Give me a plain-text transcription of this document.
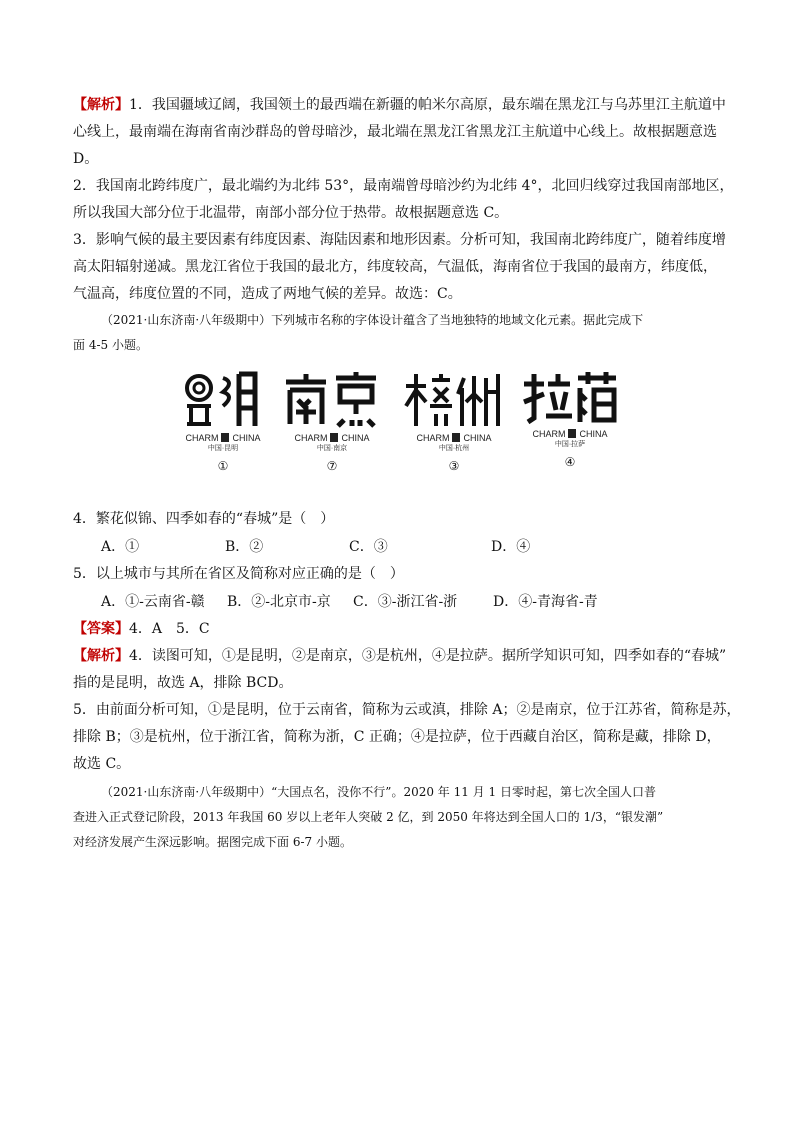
【解析】1．我国疆域辽阔，我国领土的最西端在新疆的帕米尔高原，最东端在黑龙江与乌苏里江主航道中
心线上，最南端在海南省南沙群岛的曾母暗沙，最北端在黑龙江省黑龙江主航道中心线上。故根据题意选
D。
2．我国南北跨纬度广，最北端约为北纬 53°，最南端曾母暗沙约为北纬 4°，北回归线穿过我国南部地区，
所以我国大部分位于北温带，南部小部分位于热带。故根据题意选 C。
3．影响气候的最主要因素有纬度因素、海陆因素和地形因素。分析可知，我国南北跨纬度广，随着纬度增
高太阳辐射递减。黑龙江省位于我国的最北方，纬度较高，气温低，海南省位于我国的最南方，纬度低，
气温高，纬度位置的不同，造成了两地气候的差异。故选：C。
（2021·山东济南·八年级期中）下列城市名称的字体设计蕴含了当地独特的地域文化元素。据此完成下
面 4-5 小题。
CHARM CHINA
中国·昆明
①
CHARM CHINA
中国·南京
⑦
CHARM CHINA
中国·杭州
③
CHARM CHINA
中国·拉萨
④
4．繁花似锦、四季如春的“春城”是（　）
A．①	B．②	C．③	D．④
5．以上城市与其所在省区及简称对应正确的是（　）
A．①-云南省-赣	B．②-北京市-京	C．③-浙江省-浙	D．④-青海省-青
【答案】4．A　5．C
【解析】4．读图可知，①是昆明，②是南京，③是杭州，④是拉萨。据所学知识可知，四季如春的“春城”
指的是昆明，故选 A，排除 BCD。
5．由前面分析可知，①是昆明，位于云南省，简称为云或滇，排除 A；②是南京，位于江苏省，简称是苏，
排除 B；③是杭州，位于浙江省，简称为浙，C 正确；④是拉萨，位于西藏自治区，简称是藏，排除 D，
故选 C。
（2021·山东济南·八年级期中）“大国点名，没你不行”。2020 年 11 月 1 日零时起，第七次全国人口普
查进入正式登记阶段，2013 年我国 60 岁以上老年人突破 2 亿，到 2050 年将达到全国人口的 1/3，“银发潮”
对经济发展产生深远影响。据图完成下面 6-7 小题。
